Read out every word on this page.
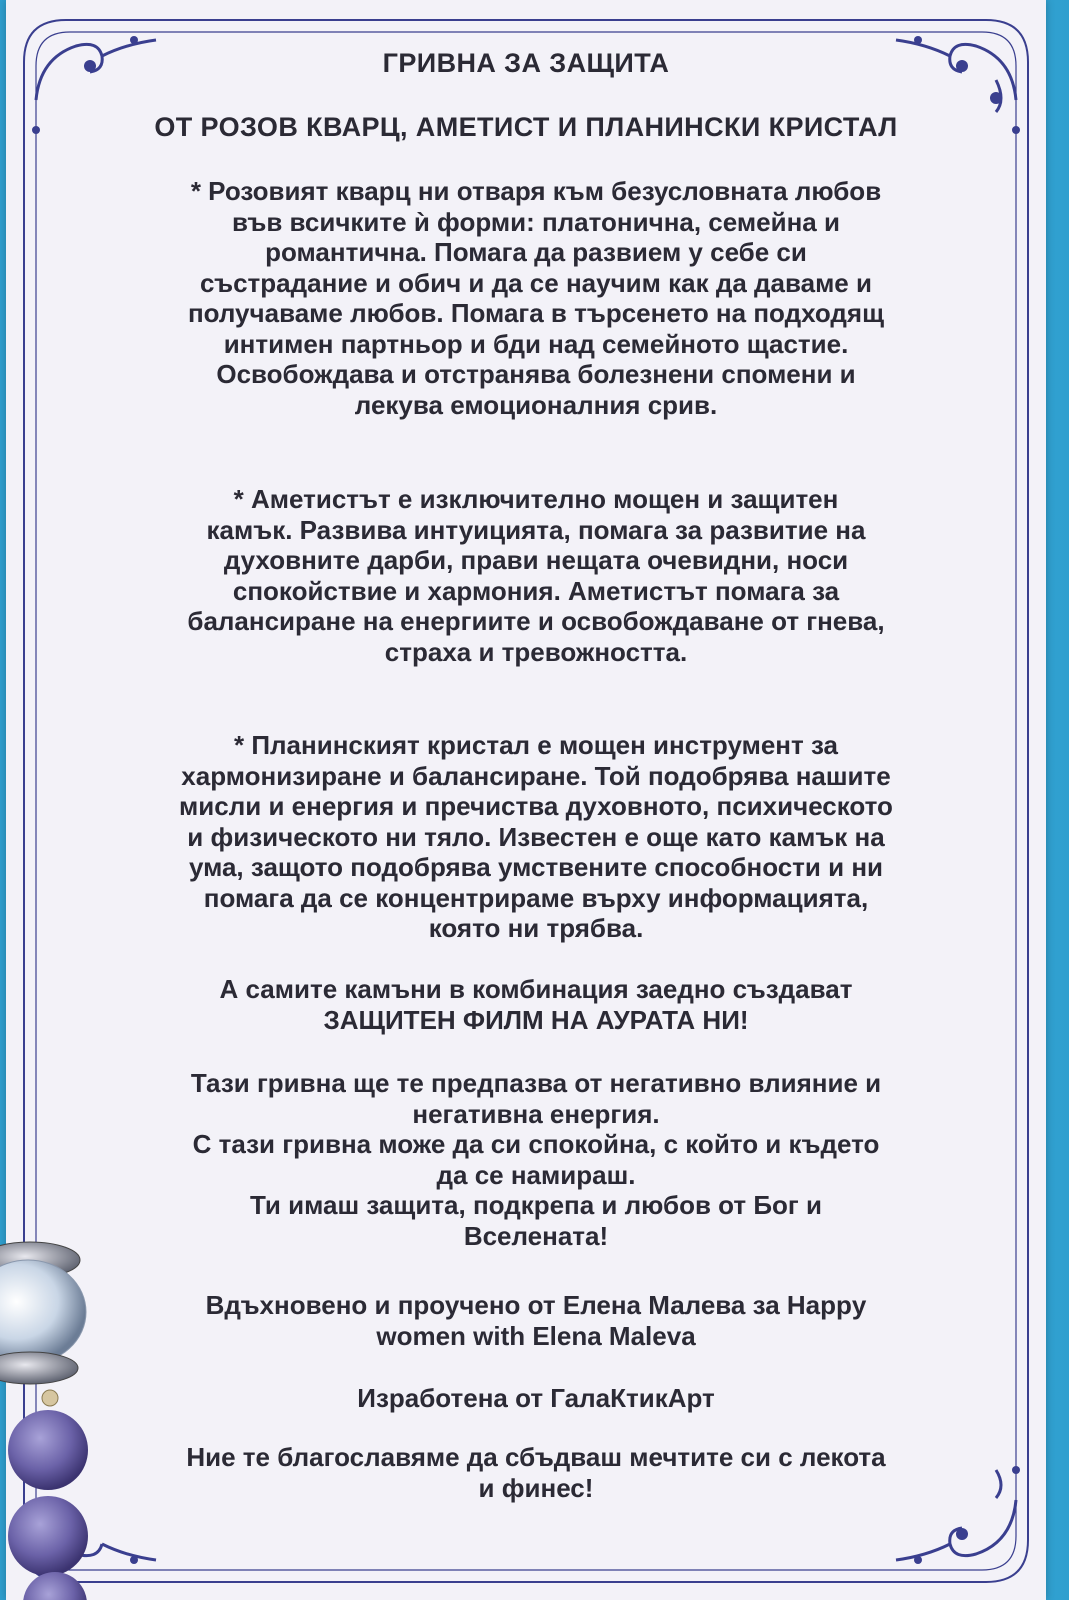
ГРИВНА ЗА ЗАЩИТА
ОТ РОЗОВ КВАРЦ, АМЕТИСТ И ПЛАНИНСКИ КРИСТАЛ
* Розовият кварц ни отваря към безусловната любов
във всичките ѝ форми: платонична, семейна и
романтична. Помага да развием у себе си
състрадание и обич и да се научим как да даваме и
получаваме любов. Помага в търсенето на подходящ
интимен партньор и бди над семейното щастие.
Освобождава и отстранява болезнени спомени и
лекува емоционалния срив.
* Аметистът е изключително мощен и защитен
камък. Развива интуицията, помага за развитие на
духовните дарби, прави нещата очевидни, носи
спокойствие и хармония. Аметистът помага за
балансиране на енергиите и освобождаване от гнева,
страха и тревожността.
* Планинският кристал е мощен инструмент за
хармонизиране и балансиране. Той подобрява нашите
мисли и енергия и пречиства духовното, психическото
и физическото ни тяло. Известен е още като камък на
ума, защото подобрява умствените способности и ни
помага да се концентрираме върху информацията,
която ни трябва.
А самите камъни в комбинация заедно създават
ЗАЩИТЕН ФИЛМ НА АУРАТА НИ!
Тази гривна ще те предпазва от негативно влияние и
негативна енергия.
С тази гривна може да си спокойна, с който и където
да се намираш.
Ти имаш защита, подкрепа и любов от Бог и
Вселената!
Вдъхновено и проучено от Елена Малева за Happy
women with Elena Maleva
Изработена от ГалаКтикАрт
Ние те благославяме да сбъдваш мечтите си с лекота
и финес!
